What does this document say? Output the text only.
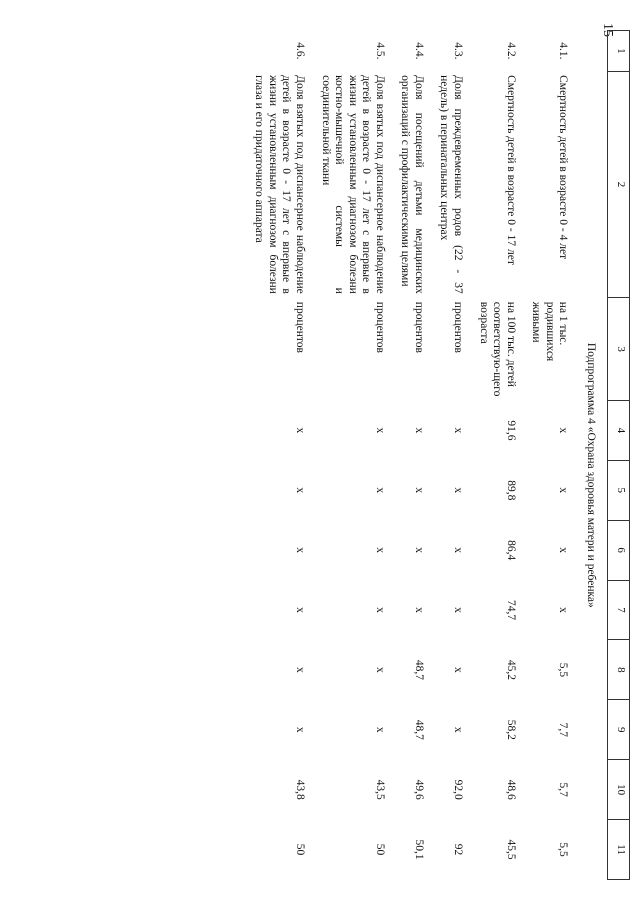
15
1	2	3	4	5	6	7	8	9	10	11
	Подпрограмма 4 «Охрана здоровья матери и ребенка»									
4.1.	Смертность детей в возрасте 0 - 4 лет	на 1 тыс. родившихся живыми	х	х	х	х	5,5	7,7	5,7	5,5
4.2.	Смертность детей в возрасте 0 - 17 лет	на 100 тыс. детей соответствую-щего возраста	91,6	89,8	86,4	74,7	45,2	58,2	48,6	45,5
4.3.	Доля преждевременных родов (22 - 37 недель) в перинатальных центрах	процентов	х	х	х	х	х	х	92,0	92
4.4.	Доля посещений детьми медицинских организаций с профилактическими целями	процентов	х	х	х	х	48,7	48,7	49,6	50,1
4.5.	Доля взятых под диспансерное наблюдение детей в возрасте 0 - 17 лет с впервые в жизни установленным диагнозом болезни костно-мышечной системы и соединительной ткани	процентов	х	х	х	х	х	х	43,5	50
4.6.	Доля взятых под диспансерное наблюдение детей в возрасте 0 - 17 лет с впервые в жизни установленным диагнозом болезни глаза и его придаточного аппарата	процентов	х	х	х	х	х	х	43,8	50
